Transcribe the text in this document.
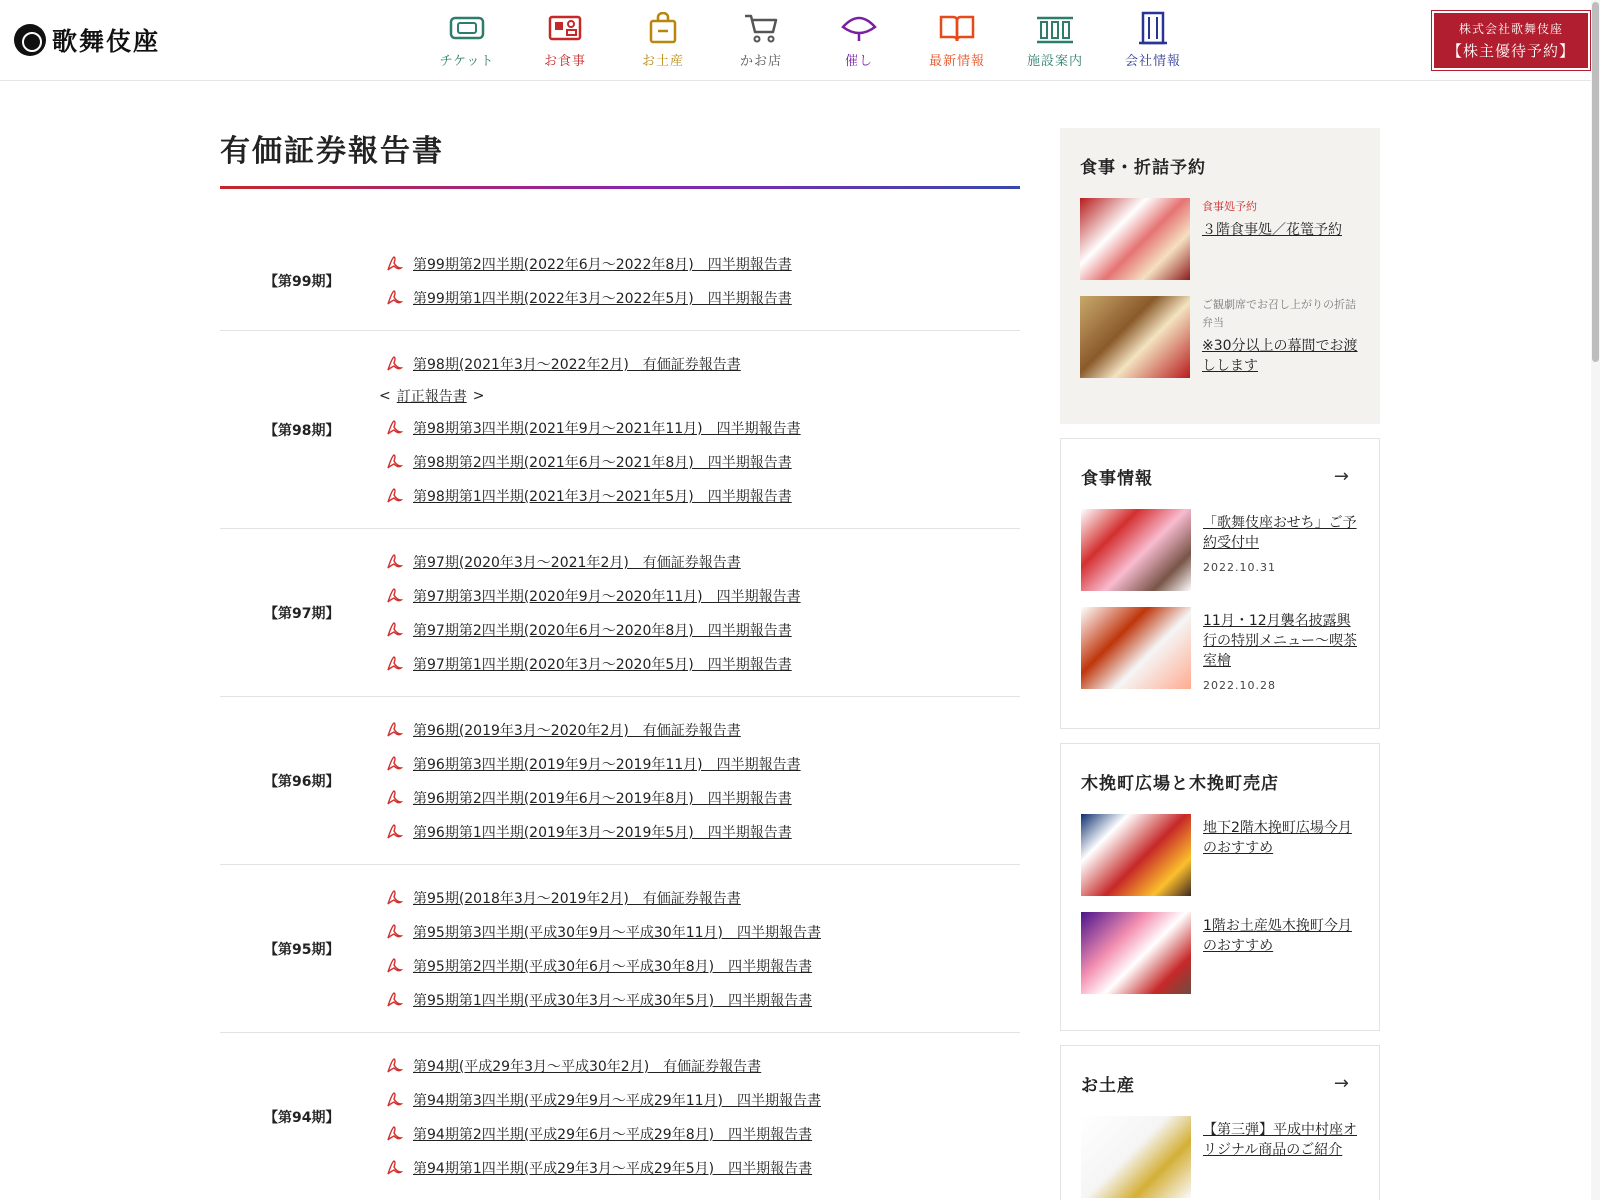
歌舞伎座
チケット	お食事	お土産	かお店	催し	最新情報	施設案内	会社情報
株式会社歌舞伎座
【株主優待予約】
有価証券報告書
【第99期】
第99期第2四半期(2022年6月～2022年8月)　四半期報告書
第99期第1四半期(2022年3月～2022年5月)　四半期報告書
【第98期】
第98期(2021年3月～2022年2月)　有価証券報告書
< 訂正報告書 >
第98期第3四半期(2021年9月～2021年11月)　四半期報告書
第98期第2四半期(2021年6月～2021年8月)　四半期報告書
第98期第1四半期(2021年3月～2021年5月)　四半期報告書
【第97期】
第97期(2020年3月～2021年2月)　有価証券報告書
第97期第3四半期(2020年9月～2020年11月)　四半期報告書
第97期第2四半期(2020年6月～2020年8月)　四半期報告書
第97期第1四半期(2020年3月～2020年5月)　四半期報告書
【第96期】
第96期(2019年3月～2020年2月)　有価証券報告書
第96期第3四半期(2019年9月～2019年11月)　四半期報告書
第96期第2四半期(2019年6月～2019年8月)　四半期報告書
第96期第1四半期(2019年3月～2019年5月)　四半期報告書
【第95期】
第95期(2018年3月～2019年2月)　有価証券報告書
第95期第3四半期(平成30年9月～平成30年11月)　四半期報告書
第95期第2四半期(平成30年6月～平成30年8月)　四半期報告書
第95期第1四半期(平成30年3月～平成30年5月)　四半期報告書
【第94期】
第94期(平成29年3月～平成30年2月)　有価証券報告書
第94期第3四半期(平成29年9月～平成29年11月)　四半期報告書
第94期第2四半期(平成29年6月～平成29年8月)　四半期報告書
第94期第1四半期(平成29年3月～平成29年5月)　四半期報告書
食事・折詰予約
食事処予約
３階食事処／花篭予約
ご観劇席でお召し上がりの折詰弁当
※30分以上の幕間でお渡しします
食事情報	→
「歌舞伎座おせち」ご予約受付中
2022.10.31
11月・12月襲名披露興行の特別メニュー～喫茶室檜
2022.10.28
木挽町広場と木挽町売店
地下2階木挽町広場今月のおすすめ
1階お土産処木挽町今月のおすすめ
お土産	→
【第三弾】平成中村座オリジナル商品のご紹介
